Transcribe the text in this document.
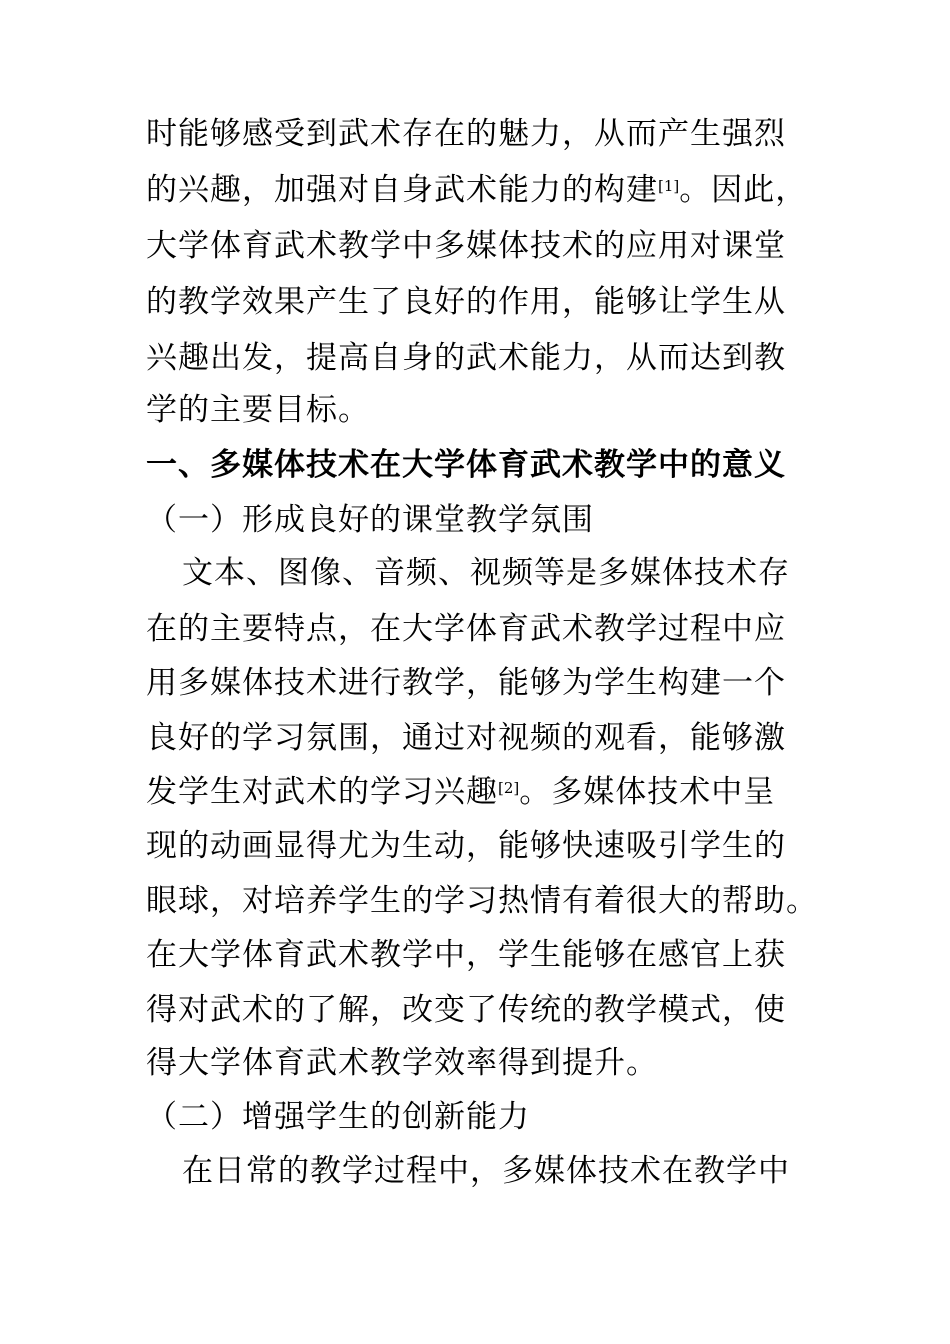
时能够感受到武术存在的魅力，从而产生强烈
的兴趣，加强对自身武术能力的构建[1]。因此，
大学体育武术教学中多媒体技术的应用对课堂
的教学效果产生了良好的作用，能够让学生从
兴趣出发，提高自身的武术能力，从而达到教
学的主要目标。
一、多媒体技术在大学体育武术教学中的意义
（一）形成良好的课堂教学氛围
文本、图像、音频、视频等是多媒体技术存
在的主要特点，在大学体育武术教学过程中应
用多媒体技术进行教学，能够为学生构建一个
良好的学习氛围，通过对视频的观看，能够激
发学生对武术的学习兴趣[2]。多媒体技术中呈
现的动画显得尤为生动，能够快速吸引学生的
眼球，对培养学生的学习热情有着很大的帮助。
在大学体育武术教学中，学生能够在感官上获
得对武术的了解，改变了传统的教学模式，使
得大学体育武术教学效率得到提升。
（二）增强学生的创新能力
在日常的教学过程中，多媒体技术在教学中
